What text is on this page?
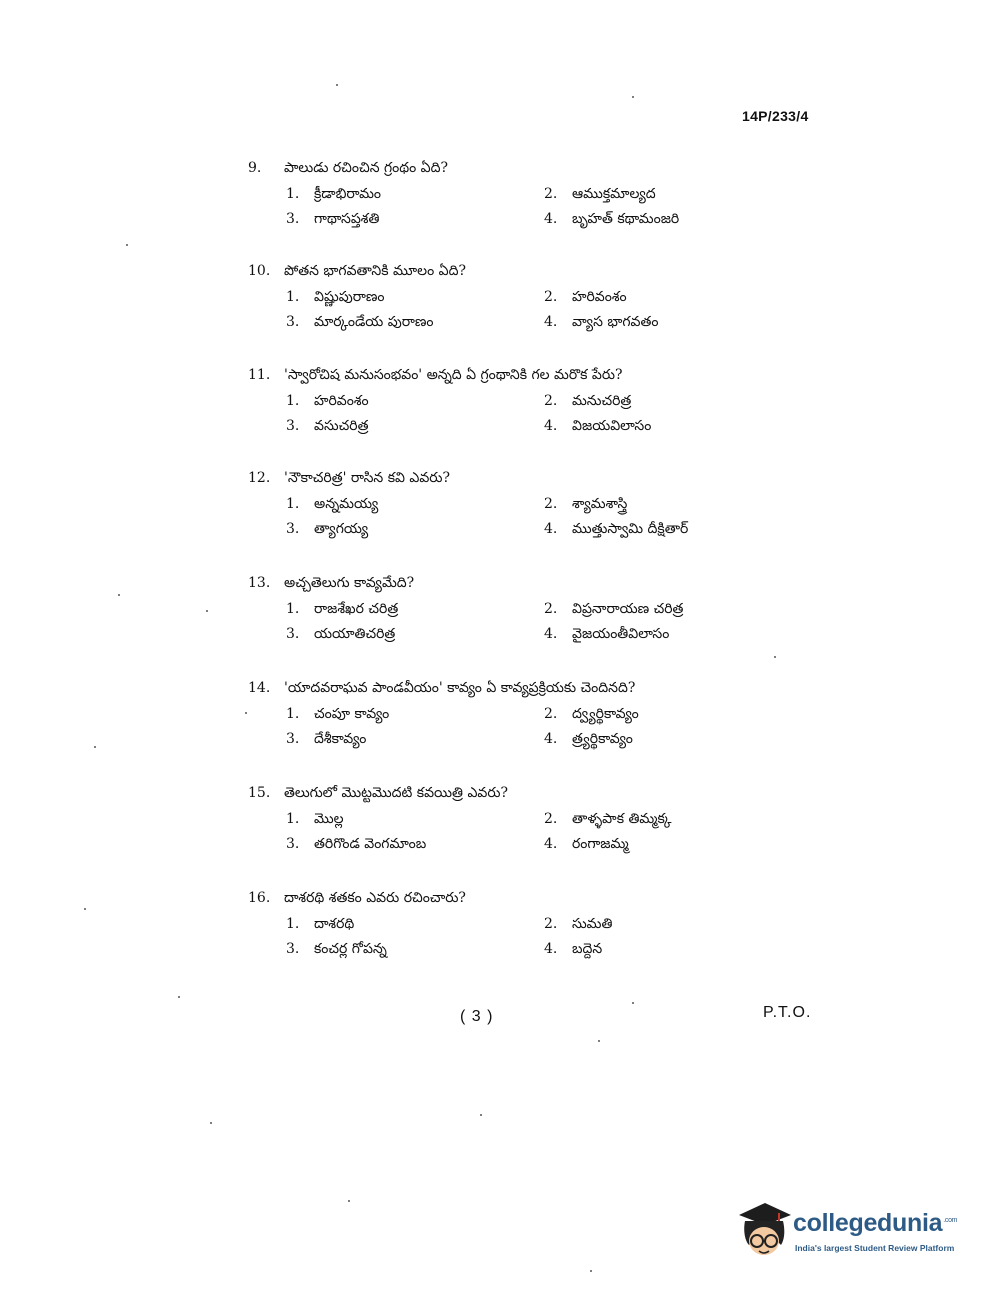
14P/233/4
9.	పాలుడు రచించిన గ్రంథం ఏది?
1.	క్రీడాభిరామం	2.	ఆముక్తమాల్యద
3.	గాథాసప్తశతి	4.	బృహత్ కథామంజరి
10. పోతన భాగవతానికి మూలం ఏది?
1.	విష్ణుపురాణం	2.	హరివంశం
3.	మార్కండేయ పురాణం	4.	వ్యాస భాగవతం
11. 'స్వారోచిష మనుసంభవం' అన్నది ఏ గ్రంథానికి గల మరొక పేరు?
1.	హరివంశం	2.	మనుచరిత్ర
3.	వసుచరిత్ర	4.	విజయవిలాసం
12. 'నౌకాచరిత్ర' రాసిన కవి ఎవరు?
1.	అన్నమయ్య	2.	శ్యామశాస్త్రి
3.	త్యాగయ్య	4.	ముత్తుస్వామి దీక్షితార్
13. అచ్చతెలుగు కావ్యమేది?
1.	రాజశేఖర చరిత్ర	2.	విప్రనారాయణ చరిత్ర
3.	యయాతిచరిత్ర	4.	వైజయంతీవిలాసం
14. 'యాదవరాఘవ పాండవీయం' కావ్యం ఏ కావ్యప్రక్రియకు చెందినది?
1.	చంపూ కావ్యం	2.	ద్వ్యర్థికావ్యం
3.	దేశీకావ్యం	4.	త్ర్యర్థికావ్యం
15. తెలుగులో మొట్టమొదటి కవయిత్రి ఎవరు?
1.	మొల్ల	2.	తాళ్ళపాక తిమ్మక్క
3.	తరిగొండ వెంగమాంబ	4.	రంగాజమ్మ
16. దాశరథి శతకం ఎవరు రచించారు?
1.	దాశరథి	2.	సుమతి
3.	కంచర్ల గోపన్న	4.	బద్దెన
( 3 )	P.T.O.
collegedunia$^{.com}$
India's largest Student Review Platform
